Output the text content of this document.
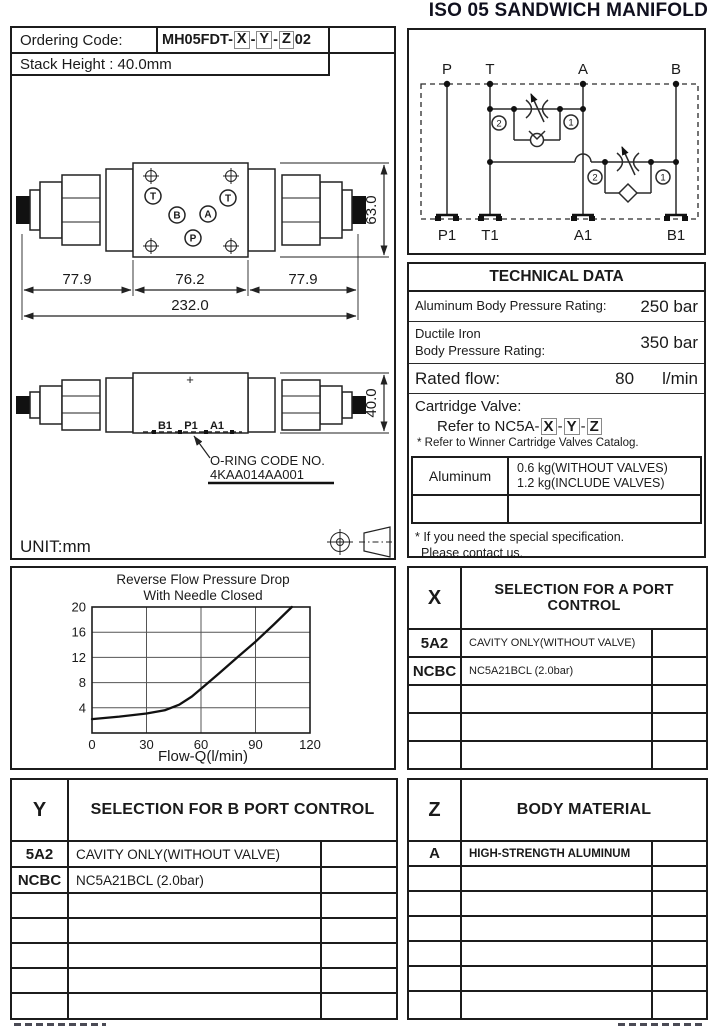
ISO 05 SANDWICH MANIFOLD
Ordering Code:	MH05FDT- X - Y - Z 02
Stack Height : 40.0mm
T	T
B A
P
63.0
77.9	76.2	77.9
232.0
+
B1 P1 A1
O-RING CODE NO.
4KAA014AA001
40.0
UNIT:mm
P T	A	B
2	1
2	1
P1 T1	A1	B1
TECHNICAL DATA
Aluminum Body Pressure Rating: 250 bar
Ductile Iron
Body Pressure Rating:	350 bar
Rated flow:	80 l/min
Cartridge Valve:
Refer to NC5A- X - Y - Z
* Refer to Winner Cartridge Valves Catalog.
Aluminum	0.6 kg(WITHOUT VALVES)
1.2 kg(INCLUDE VALVES)

* If you need the special specification.
Please contact us.
Reverse Flow Pressure Drop
With Needle Closed
0	30	60	90	120
4
8
12
16
20
Flow-Q(l/min)
X	SELECTION FOR A PORT CONTROL	
5A2	CAVITY ONLY(WITHOUT VALVE)	
NCBC	NC5A21BCL (2.0bar)	

Y	SELECTION FOR B PORT CONTROL	
5A2	CAVITY ONLY(WITHOUT VALVE)	
NCBC	NC5A21BCL (2.0bar)	

Z	BODY MATERIAL	
A	HIGH-STRENGTH ALUMINUM	
